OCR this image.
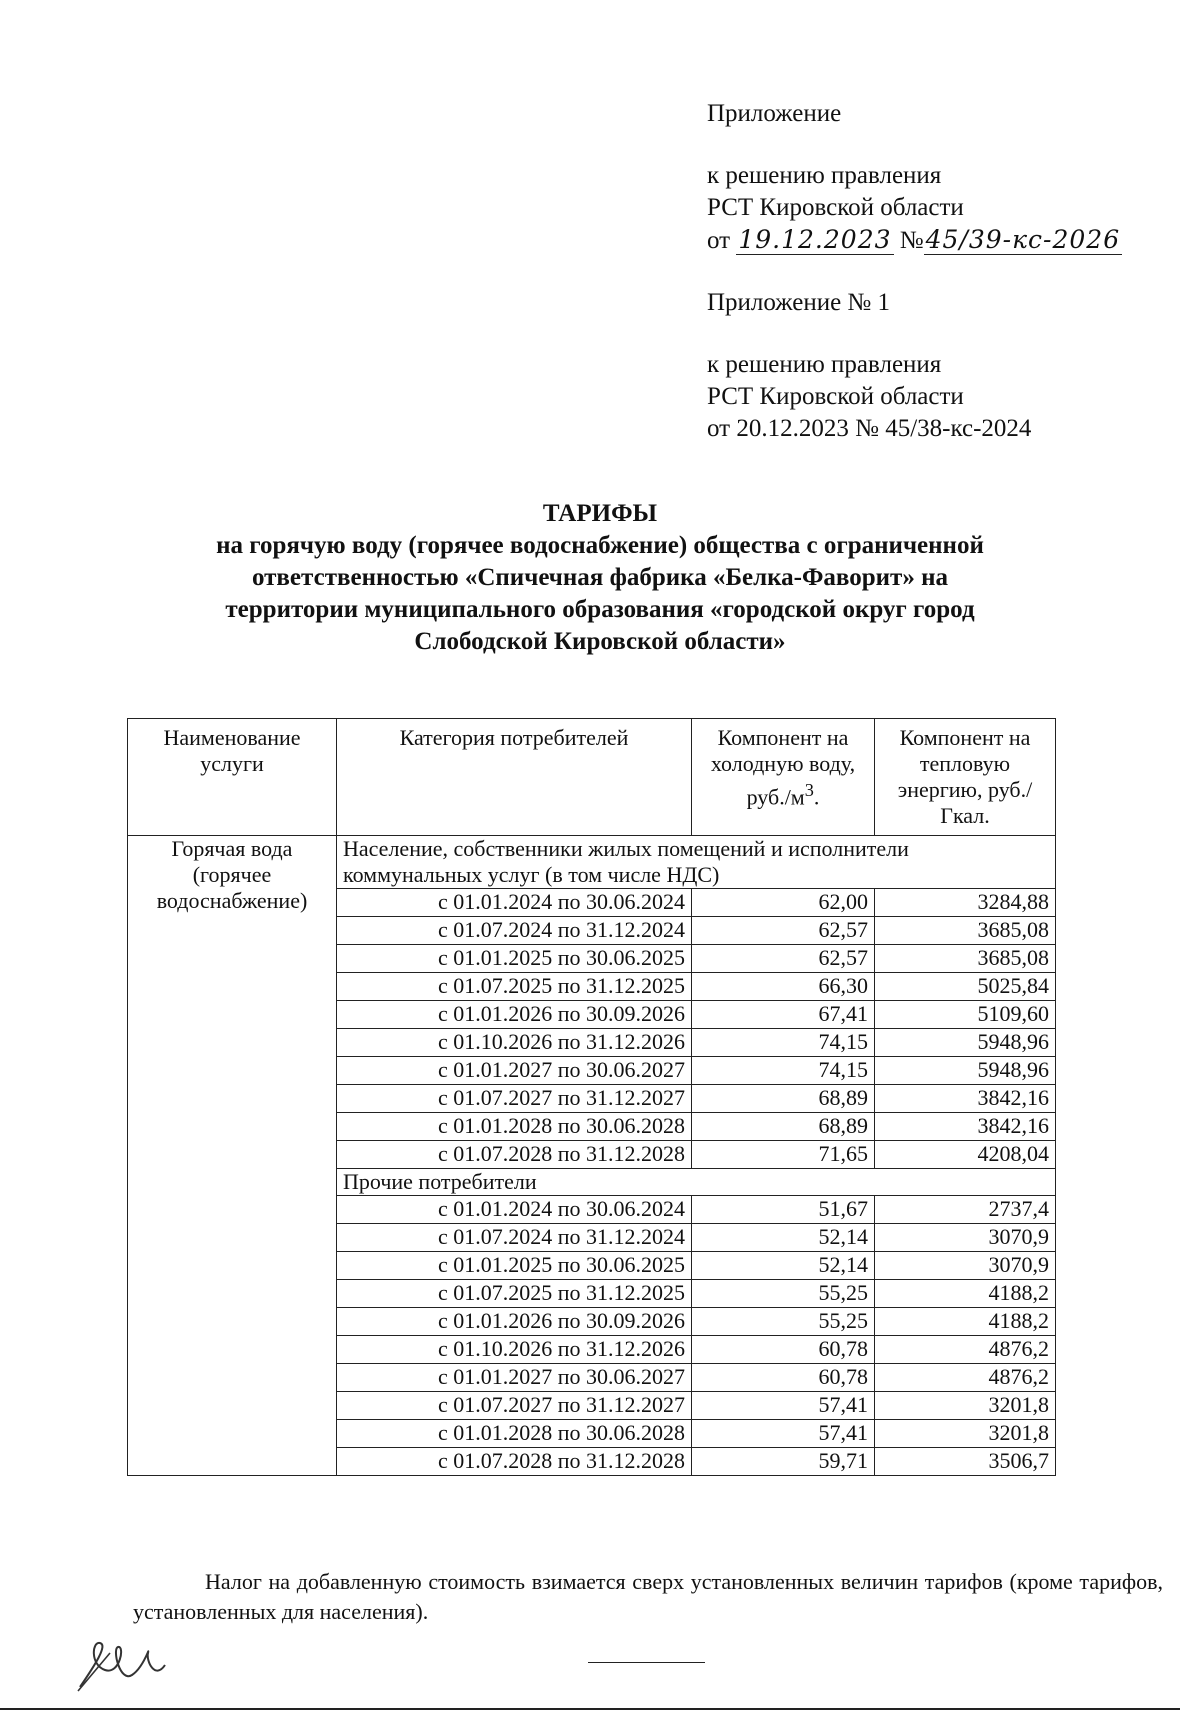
Приложение
к решению правления
РСТ Кировской области
от 19.12.2023 №45/39-кс-2026
Приложение № 1
к решению правления
РСТ Кировской области
от 20.12.2023 № 45/38-кс-2024
ТАРИФЫ
на горячую воду (горячее водоснабжение) общества с ограниченной
ответственностью «Спичечная фабрика «Белка-Фаворит» на
территории муниципального образования «городской округ город
Слободской Кировской области»
Наименование услуги	Категория потребителей	Компонент на холодную воду, $руб./м^3$.	Компонент на тепловую энергию, руб./Гкал.
Горячая вода (горячее водоснабжение)	Население, собственники жилых помещений и исполнители коммунальных услуг (в том числе НДС)		
	с 01.01.2024 по 30.06.2024	62,00	3284,88
	с 01.07.2024 по 31.12.2024	62,57	3685,08
	с 01.01.2025 по 30.06.2025	62,57	3685,08
	с 01.07.2025 по 31.12.2025	66,30	5025,84
	с 01.01.2026 по 30.09.2026	67,41	5109,60
	с 01.10.2026 по 31.12.2026	74,15	5948,96
	с 01.01.2027 по 30.06.2027	74,15	5948,96
	с 01.07.2027 по 31.12.2027	68,89	3842,16
	с 01.01.2028 по 30.06.2028	68,89	3842,16
	с 01.07.2028 по 31.12.2028	71,65	4208,04
	Прочие потребители		
	с 01.01.2024 по 30.06.2024	51,67	2737,4
	с 01.07.2024 по 31.12.2024	52,14	3070,9
	с 01.01.2025 по 30.06.2025	52,14	3070,9
	с 01.07.2025 по 31.12.2025	55,25	4188,2
	с 01.01.2026 по 30.09.2026	55,25	4188,2
	с 01.10.2026 по 31.12.2026	60,78	4876,2
	с 01.01.2027 по 30.06.2027	60,78	4876,2
	с 01.07.2027 по 31.12.2027	57,41	3201,8
	с 01.01.2028 по 30.06.2028	57,41	3201,8
	с 01.07.2028 по 31.12.2028	59,71	3506,7
Налог на добавленную стоимость взимается сверх установленных величин тарифов (кроме тарифов, установленных для населения).
